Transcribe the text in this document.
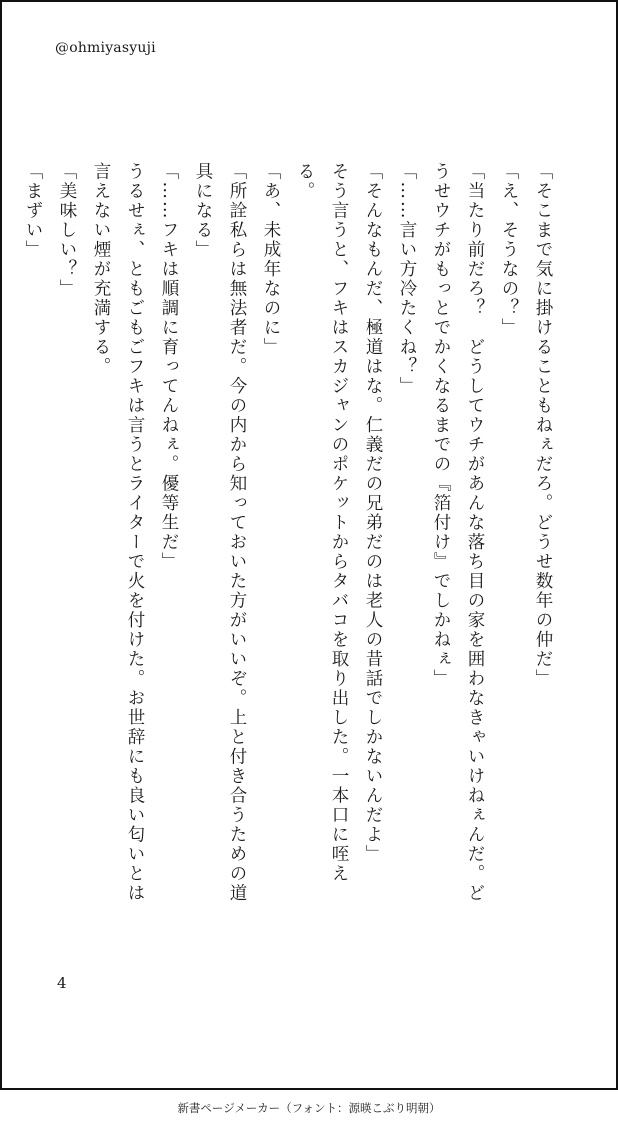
@ohmiyasyuji

「そこまで気に掛けることもねぇだろ。どうせ数年の仲だ」

「え、そうなの？」

「当たり前だろ？　どうしてウチがあんな落ち目の家を囲わなきゃいけねぇんだ。どうせウチがもっとでかくなるまでの『箔付け』でしかねぇ」

「……言い方冷たくね？」

「そんなもんだ、極道はな。仁義だの兄弟だのは老人の昔話でしかないんだよ」

そう言うと、フキはスカジャンのポケットからタバコを取り出した。一本口に咥える。

「あ、未成年なのに」

「所詮私らは無法者だ。今の内から知っておいた方がいいぞ。上と付き合うための道具になる」

「……フキは順調に育ってんねぇ。優等生だ」

うるせぇ、ともごもごフキは言うとライターで火を付けた。お世辞にも良い匂いとは言えない煙が充満する。

「美味しい？」

「まずい」

4
新書ページメーカー（フォント：源暎こぶり明朝）
